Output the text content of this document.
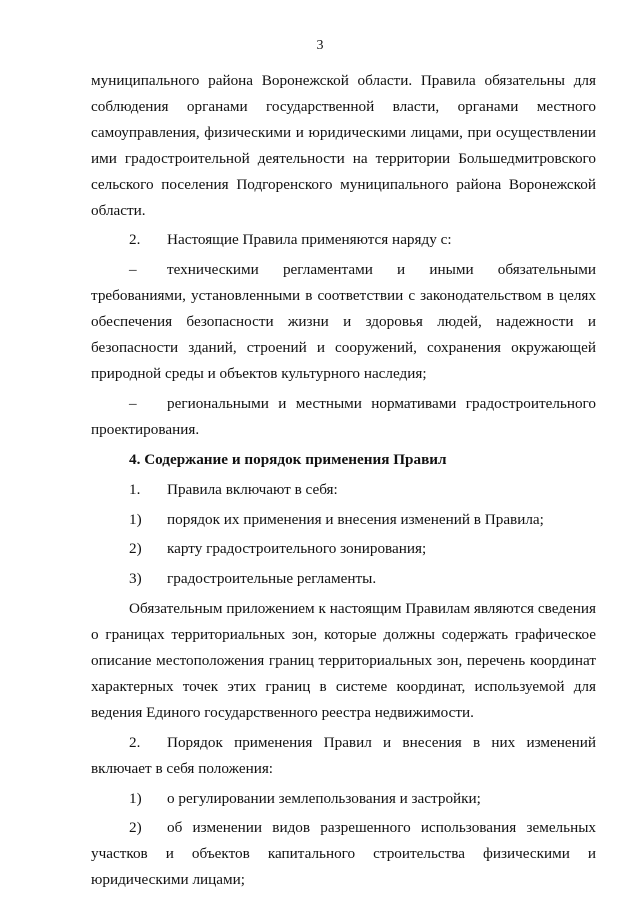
3

муниципального района Воронежской области. Правила обязательны для соблюдения органами государственной власти, органами местного самоуправления, физическими и юридическими лицами, при осуществлении ими градостроительной деятельности на территории Большедмитровского сельского поселения Подгоренского муниципального района Воронежской области.

2.	Настоящие Правила применяются наряду с:
–	техническими регламентами и иными обязательными

требованиями, установленными в соответствии с законодательством в целях обеспечения безопасности жизни и здоровья людей, надежности и безопасности зданий, строений и сооружений, сохранения окружающей природной среды и объектов культурного наследия;

–	региональными и местными нормативами градостроительного

проектирования.

4. Содержание и порядок применения Правил

1.	Правила включают в себя:
1)	порядок их применения и внесения изменений в Правила;
2)	карту градостроительного зонирования;
3)	градостроительные регламенты.

Обязательным приложением к настоящим Правилам являются сведения о границах территориальных зон, которые должны содержать графическое описание местоположения границ территориальных зон, перечень координат характерных точек этих границ в системе координат, используемой для ведения Единого государственного реестра недвижимости.

2.	Порядок применения Правил и внесения в них изменений

включает в себя положения:

1)	о регулировании землепользования и застройки;
2)	об изменении видов разрешенного использования земельных

участков и объектов капитального строительства физическими и юридическими лицами;
